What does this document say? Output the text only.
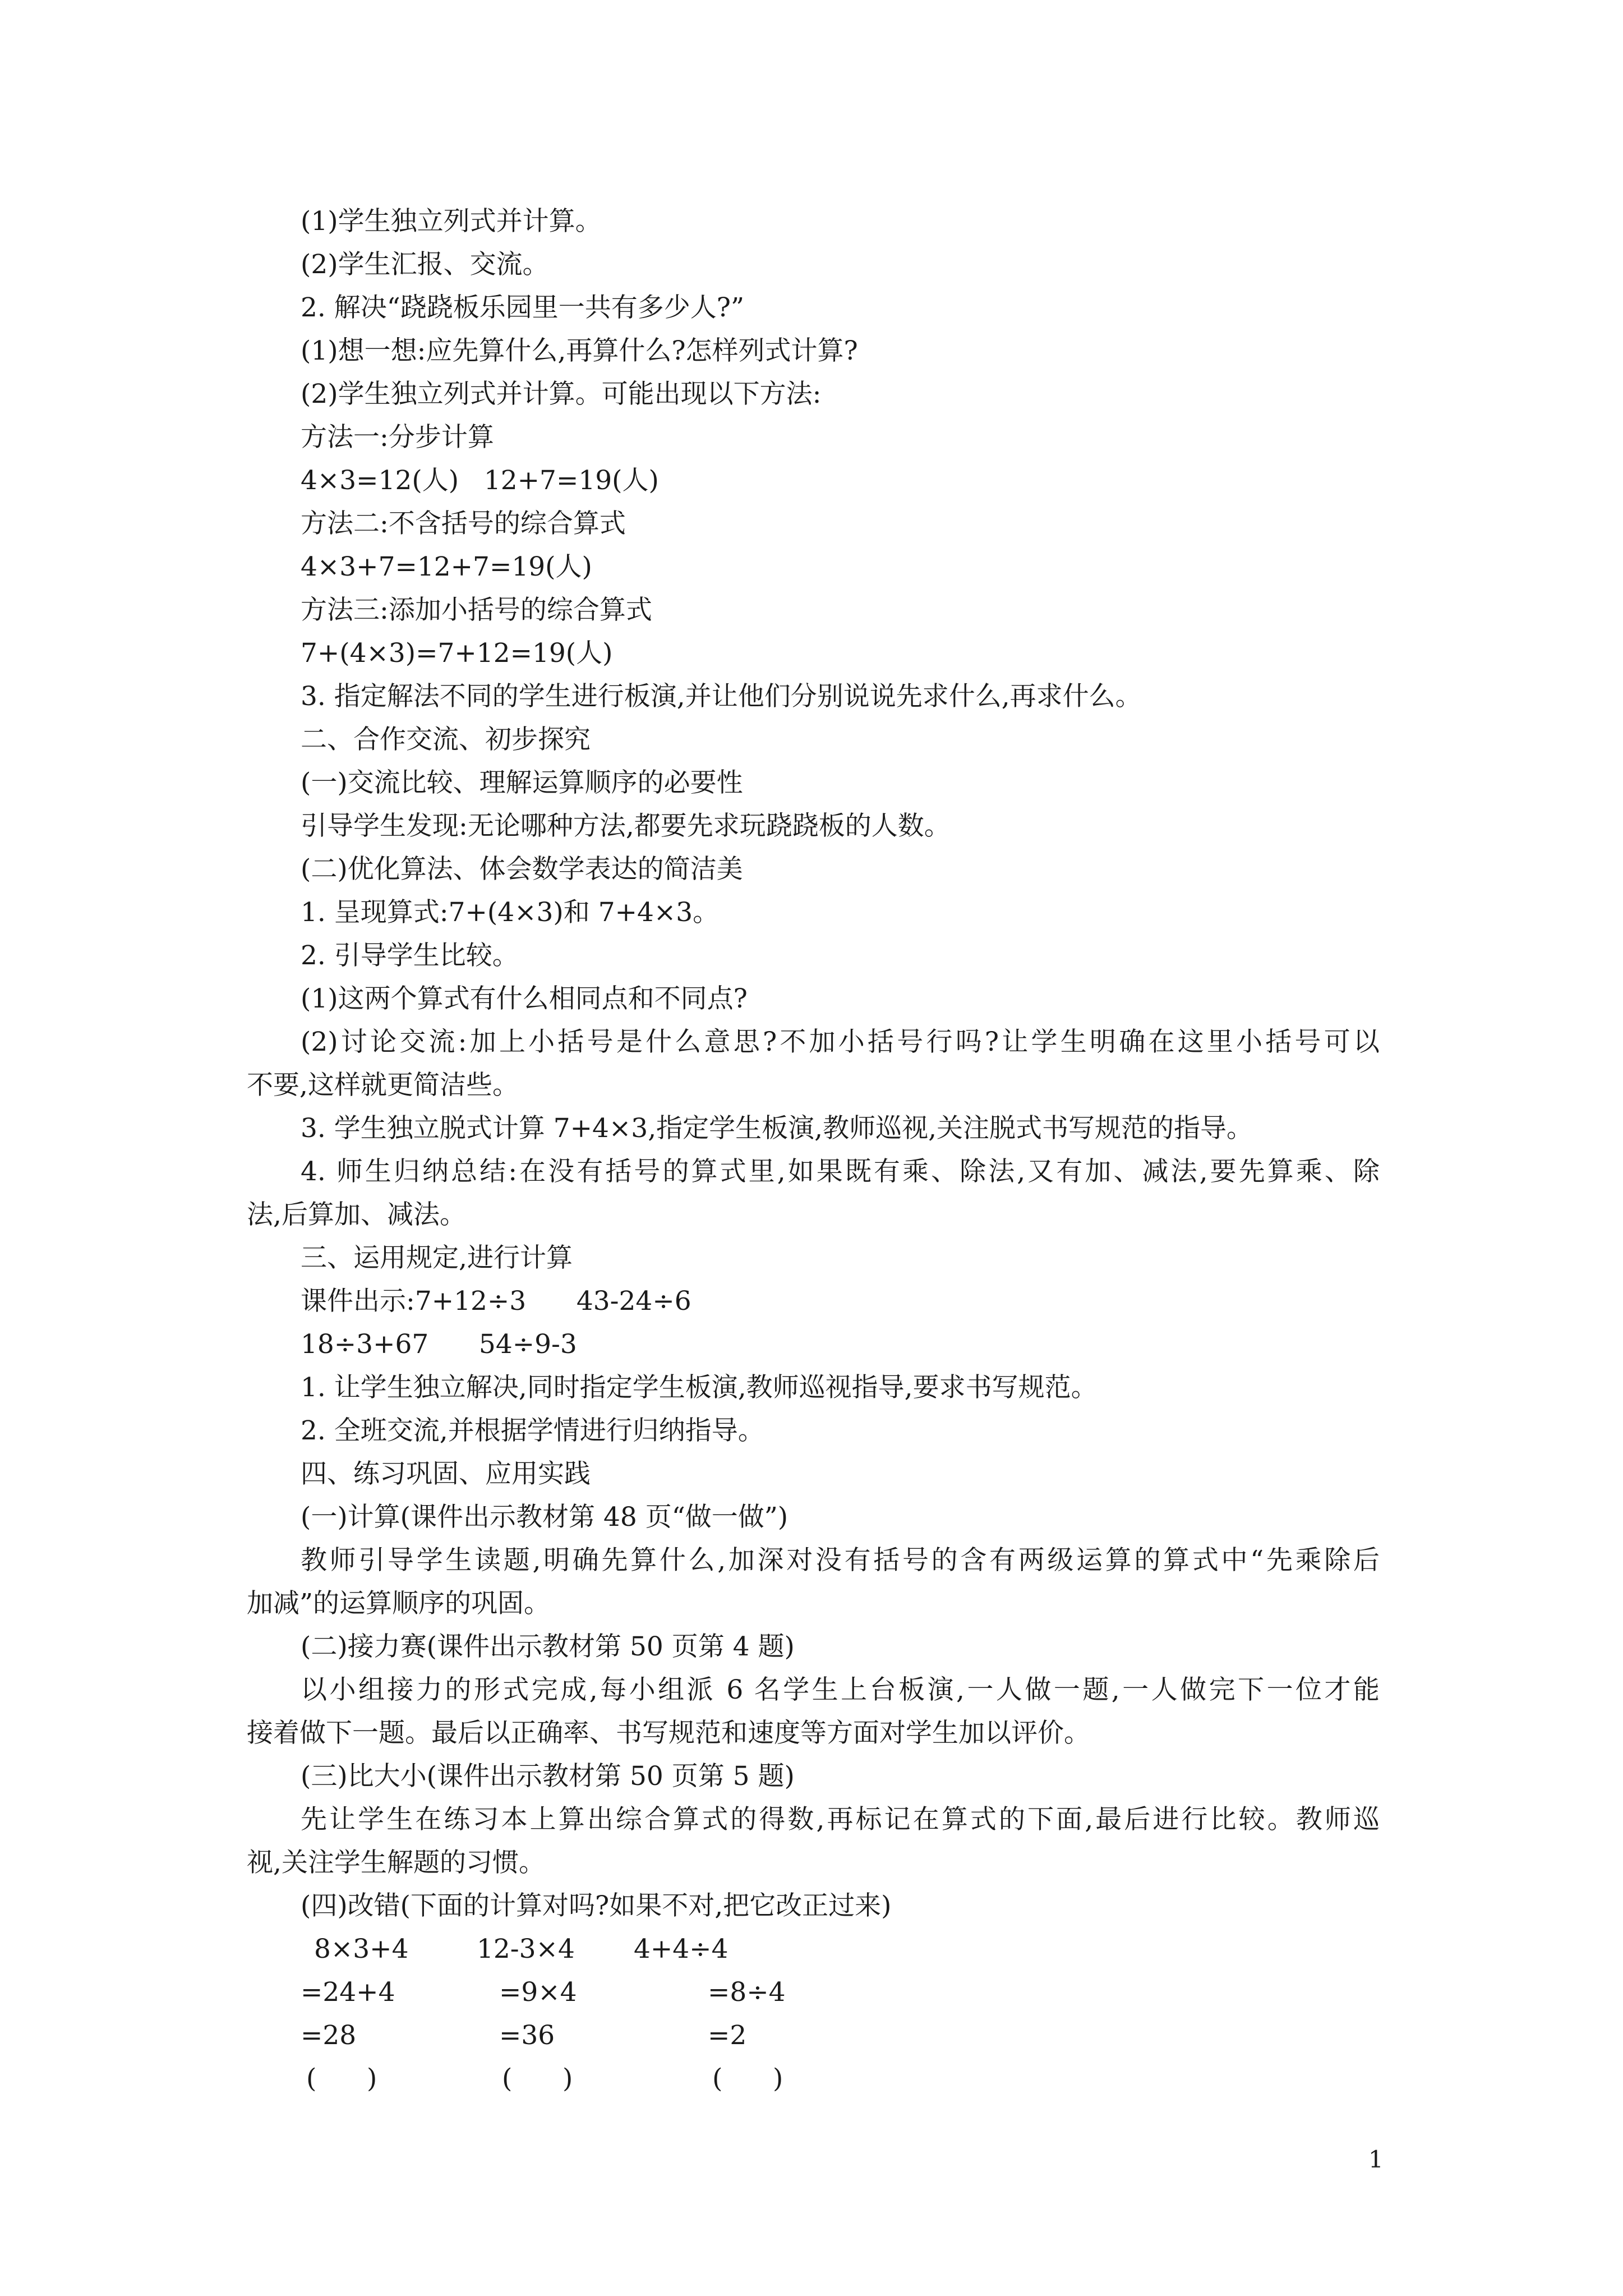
(1)学生独立列式并计算。

(2)学生汇报、交流。

2. 解决“跷跷板乐园里一共有多少人?”

(1)想一想:应先算什么,再算什么?怎样列式计算?

(2)学生独立列式并计算。可能出现以下方法:

方法一:分步计算

4×3=12(人)   12+7=19(人)

方法二:不含括号的综合算式

4×3+7=12+7=19(人)

方法三:添加小括号的综合算式

7+(4×3)=7+12=19(人)

3. 指定解法不同的学生进行板演,并让他们分别说说先求什么,再求什么。

二、合作交流、初步探究

(一)交流比较、理解运算顺序的必要性

引导学生发现:无论哪种方法,都要先求玩跷跷板的人数。

(二)优化算法、体会数学表达的简洁美

1. 呈现算式:7+(4×3)和 7+4×3。

2. 引导学生比较。

(1)这两个算式有什么相同点和不同点?

(2)讨论交流:加上小括号是什么意思?不加小括号行吗?让学生明确在这里小括号可以

不要,这样就更简洁些。

3. 学生独立脱式计算 7+4×3,指定学生板演,教师巡视,关注脱式书写规范的指导。

4. 师生归纳总结:在没有括号的算式里,如果既有乘、除法,又有加、减法,要先算乘、除

法,后算加、减法。

三、运用规定,进行计算

课件出示:7+12÷3      43-24÷6

18÷3+67      54÷9-3

1. 让学生独立解决,同时指定学生板演,教师巡视指导,要求书写规范。

2. 全班交流,并根据学情进行归纳指导。

四、练习巩固、应用实践

(一)计算(课件出示教材第 48 页“做一做”)

教师引导学生读题,明确先算什么,加深对没有括号的含有两级运算的算式中“先乘除后

加减”的运算顺序的巩固。

(二)接力赛(课件出示教材第 50 页第 4 题)

以小组接力的形式完成,每小组派 6 名学生上台板演,一人做一题,一人做完下一位才能

接着做下一题。最后以正确率、书写规范和速度等方面对学生加以评价。

(三)比大小(课件出示教材第 50 页第 5 题)

先让学生在练习本上算出综合算式的得数,再标记在算式的下面,最后进行比较。教师巡

视,关注学生解题的习惯。

(四)改错(下面的计算对吗?如果不对,把它改正过来)

8×3+4	12-3×4 4+4÷4
=24+4	=9×4	=8÷4
=28	=36	=2
(      )	(      )	(      )
1
